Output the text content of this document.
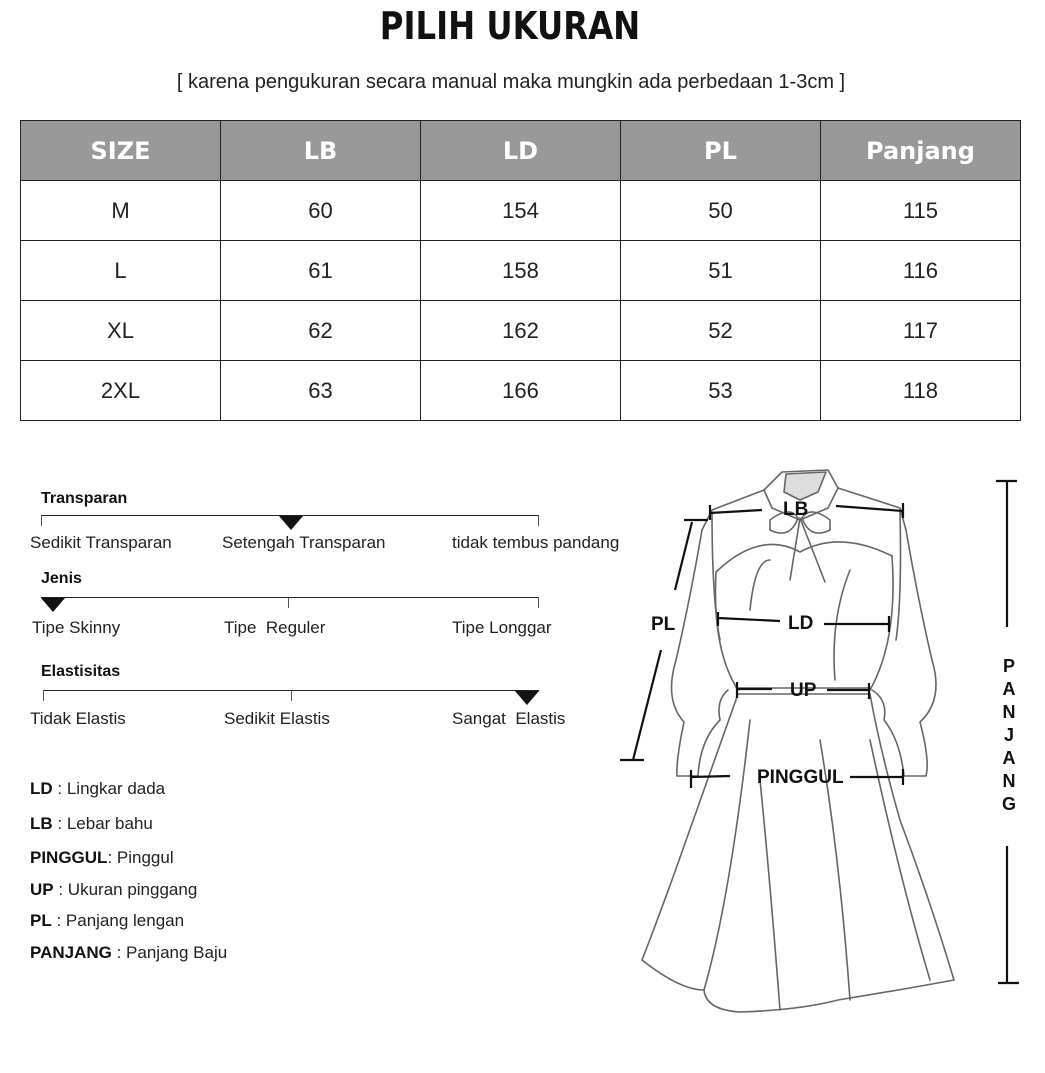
PILIH UKURAN
[ karena pengukuran secara manual maka mungkin ada perbedaan 1-3cm ]
SIZE	LB	LD	PL	Panjang
M	60	154	50	115
L	61	158	51	116
XL	62	162	52	117
2XL	63	166	53	118
Transparan
Sedikit Transparan	Setengah Transparan	tidak tembus pandang
Jenis
Tipe Skinny	Tipe  Reguler	Tipe Longgar
Elastisitas
Tidak Elastis	Sedikit Elastis	Sangat  Elastis
LD : Lingkar dada
LB : Lebar bahu
PINGGUL: Pinggul
UP : Ukuran pinggang
PL : Panjang lengan
PANJANG : Panjang Baju
LB
PL	LD
UP
PINGGUL
P
A
N
J
A
N
G
